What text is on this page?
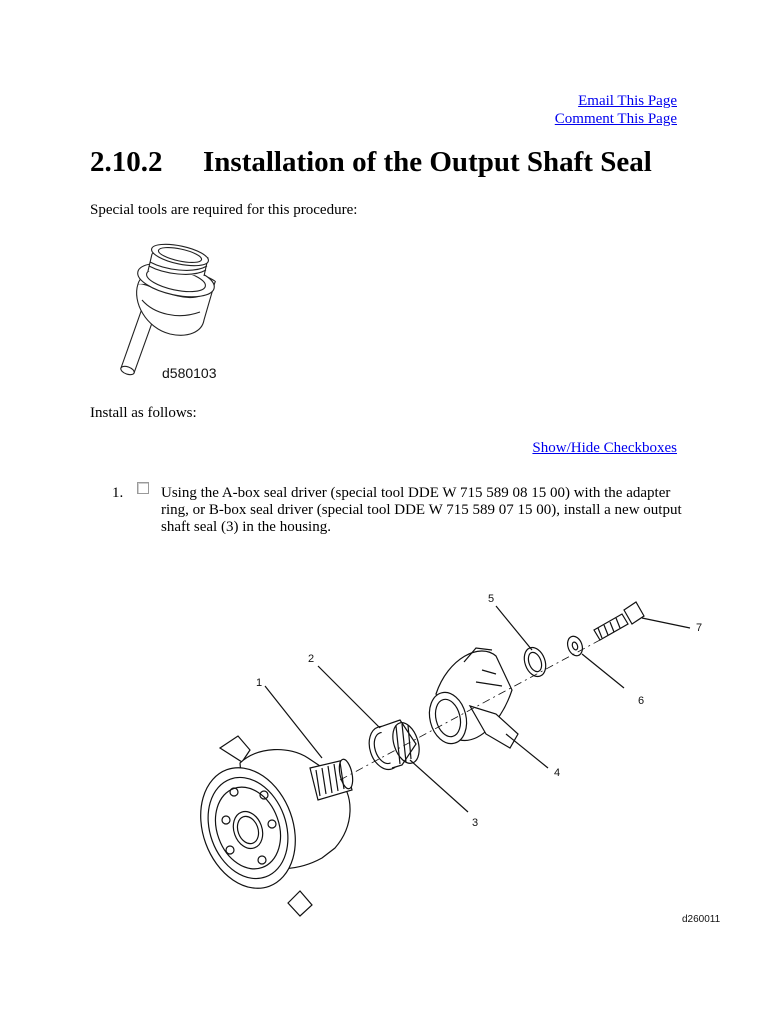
Email This Page
Comment This Page
2.10.2 Installation of the Output Shaft Seal

Special tools are required for this procedure:

d580103

Install as follows:

Show/Hide Checkboxes
1.	Using the A-box seal driver (special tool DDE W 715 589 08 15 00) with the adapter
ring, or B-box seal driver (special tool DDE W 715 589 07 15 00), install a new output
shaft seal (3) in the housing.
1
2
3
4
5
6
7
d260011
